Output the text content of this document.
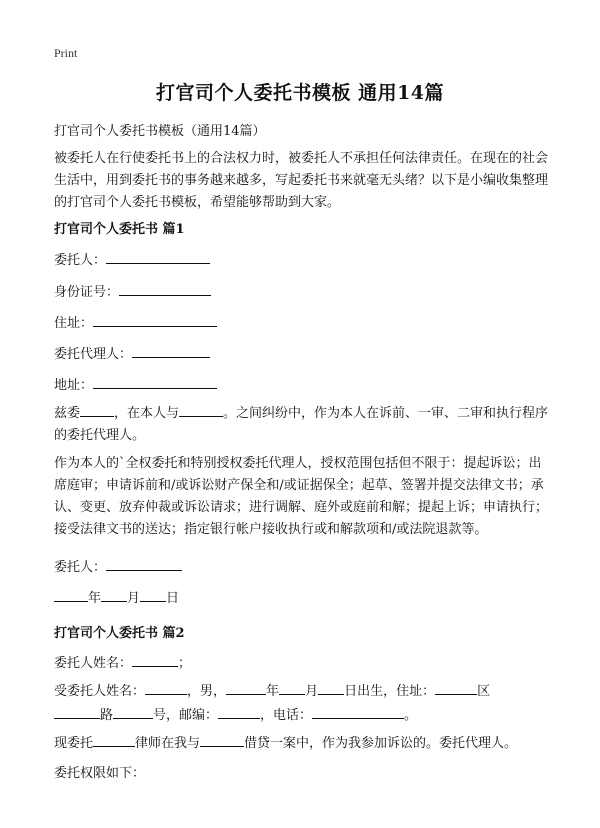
Print
打官司个人委托书模板 通用14篇
打官司个人委托书模板（通用14篇）
被委托人在行使委托书上的合法权力时，被委托人不承担任何法律责任。在现在的社会生活中，用到委托书的事务越来越多，写起委托书来就毫无头绪？以下是小编收集整理的打官司个人委托书模板，希望能够帮助到大家。
打官司个人委托书 篇1
委托人：
身份证号：
住址：
委托代理人：
地址：
兹委	，在本人与	。之间纠纷中，作为本人在诉前、一审、二审和执行程序的委托代理人。
作为本人的`全权委托和特别授权委托代理人，授权范围包括但不限于：提起诉讼；出席庭审；申请诉前和/或诉讼财产保全和/或证据保全；起草、签署并提交法律文书；承认、变更、放弃仲裁或诉讼请求；进行调解、庭外或庭前和解；提起上诉；申请执行；接受法律文书的送达；指定银行帐户接收执行或和解款项和/或法院退款等。
委托人：
年 月 日
打官司个人委托书 篇2
委托人姓名：	；
受委托人姓名：	，男，	年 月 日出生，住址：	区
路	号，邮编：	，电话：	。
现委托	律师在我与	借贷一案中，作为我参加诉讼的。委托代理人。
委托权限如下：
